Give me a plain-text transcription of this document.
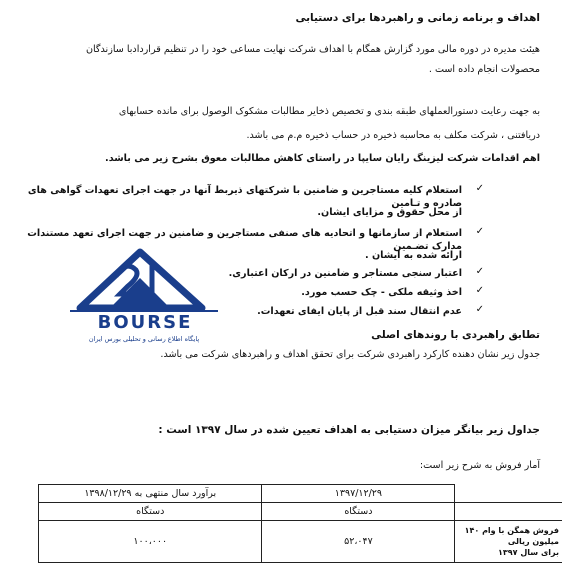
اهداف و برنامه زمانی و راهبردها برای دستیابی
هیئت مدیره در دوره مالی مورد گزارش همگام با اهداف شرکت نهایت مساعی خود را در تنظیم قراردادبا سازندگان
محصولات انجام داده است .
به جهت رعایت دستورالعملهای طبقه بندی و تخصیص ذخایر مطالبات مشکوک الوصول برای مانده حسابهای
دریافتنی ، شرکت مکلف به محاسبه ذخیره در حساب ذخیره م.م می باشد.
اهم اقدامات شرکت لیزینگ رایان سایپا در راستای کاهش مطالبات معوق بشرح زیر می باشد.
✓
استعلام کلیه مستاجرین و ضامنین با شرکتهای ذیربط آنها در جهت اجرای تعهدات گواهی های صادره و تـامین
از محل حقوق و مزایای ایشان.
✓
استعلام از سازمانها و اتحادیه های صنفی مستاجرین و ضامنین در جهت اجرای تعهد مستندات مدارک تضـمین
ارائه شده به ایشان .
✓
اعتبار سنجی مستاجر و ضامنین در ارکان اعتباری.
✓
اخذ وثیقه ملکی - چک حسب مورد.
✓
عدم انتقال سند قبل از پایان ایفای تعهدات.
BOURSE
پایگاه اطلاع رسانی و تحلیلی بورس ایران	تطابق راهبردی با روندهای اصلی
جدول زیر نشان دهنده کارکرد راهبردی شرکت برای تحقق اهداف و راهبردهای شرکت می باشد.
جداول زیر بیانگر میزان دستیابی به اهداف تعیین شده در سال ۱۳۹۷ است :
آمار فروش به شرح زیر است:
	۱۳۹۷/۱۲/۲۹	برآورد سال منتهی به ۱۳۹۸/۱۲/۲۹
	دستگاه	دستگاه

فروش همگن با وام ۱۴۰ میلیون ریالی
برای سال ۱۳۹۷	۵۲،۰۴۷	۱۰۰،۰۰۰
